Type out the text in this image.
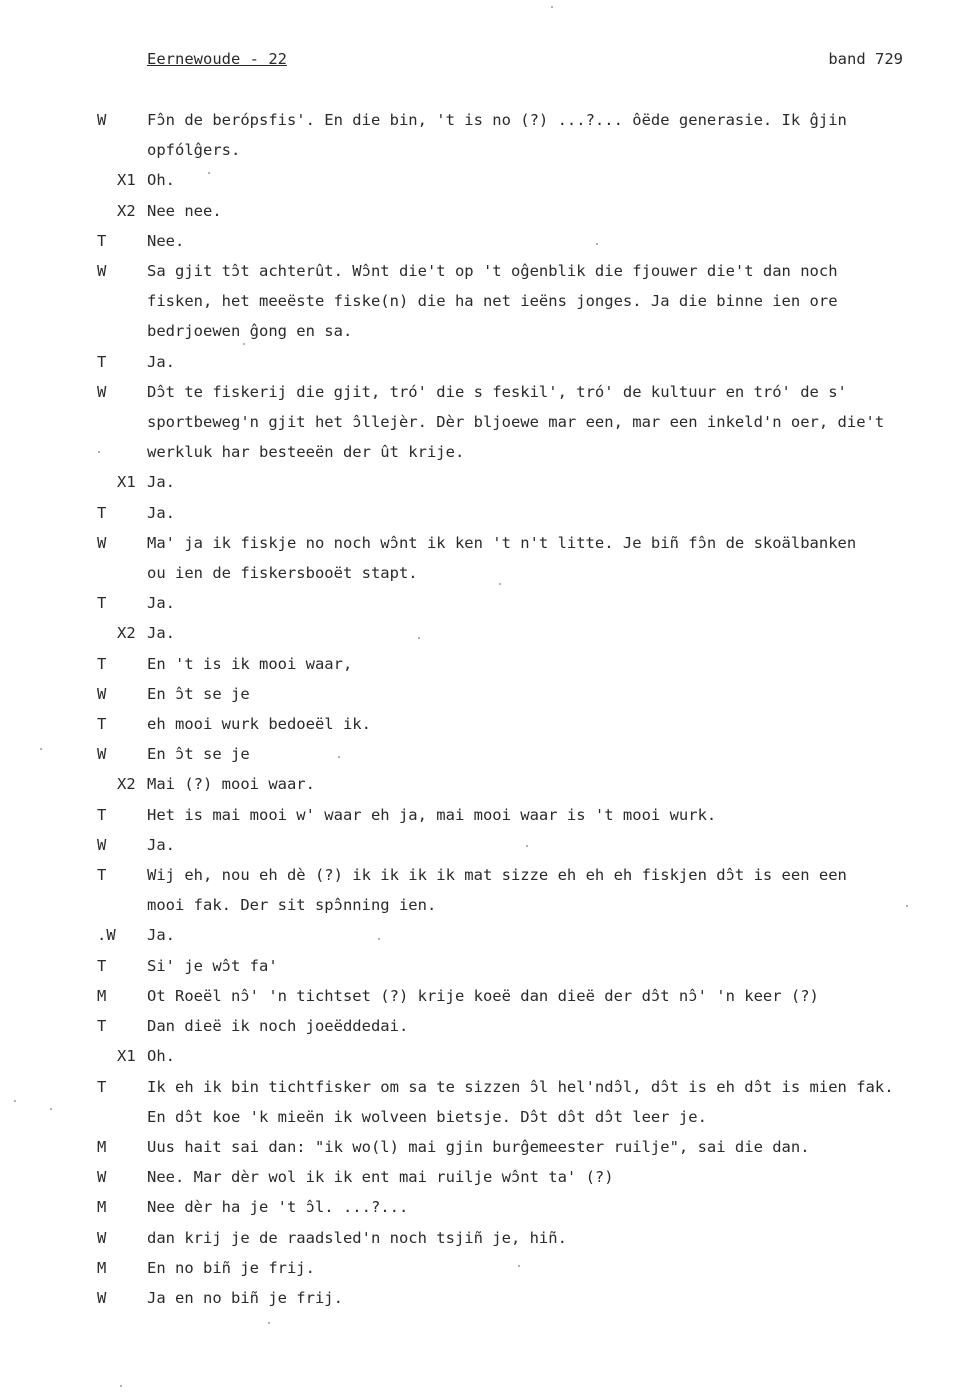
Eernewoude - 22	band 729
W	Fɔ̂n de berópsfis'. En die bin, 't is no (?) ...?... ôëde generasie. Ik ĝjin
opfólĝers.
X1 Oh.
X2 Nee nee.
T	Nee.
W	Sa gjit tɔ̂t achterût. Wɔ̂nt die't op 't oĝenblik die fjouwer die't dan noch
fisken, het meeëste fiske(n) die ha net ieëns jonges. Ja die binne ien ore
bedrjoewen ĝong en sa.
T	Ja.
W	Dɔ̂t te fiskerij die gjit, tró' die s feskil', tró' de kultuur en tró' de s'
sportbeweg'n gjit het ɔ̂llejèr. Dèr bljoewe mar een, mar een inkeld'n oer, die't
werkluk har besteeën der ût krije.
X1 Ja.
T	Ja.
W	Ma' ja ik fiskje no noch wɔ̂nt ik ken 't n't litte. Je biñ fɔ̂n de skoälbanken
ou ien de fiskersbooët stapt.
T	Ja.
X2 Ja.
T	En 't is ik mooi waar,
W	En ɔ̂t se je
T	eh mooi wurk bedoeël ik.
W	En ɔ̂t se je
X2 Mai (?) mooi waar.
T	Het is mai mooi w' waar eh ja, mai mooi waar is 't mooi wurk.
W	Ja.
T	Wij eh, nou eh dè (?) ik ik ik ik mat sizze eh eh eh fiskjen dɔ̂t is een een
mooi fak. Der sit spɔ̂nning ien.
.W Ja.
T	Si' je wɔ̂t fa'
M	Ot Roeël nɔ̂' 'n tichtset (?) krije koeë dan dieë der dɔ̂t nɔ̂' 'n keer (?)
T	Dan dieë ik noch joeëddedai.
X1 Oh.
T	Ik eh ik bin tichtfisker om sa te sizzen ɔ̂l hel'ndɔ̂l, dɔ̂t is eh dɔ̂t is mien fak.
En dɔ̂t koe 'k mieën ik wolveen bietsje. Dɔ̂t dɔ̂t dɔ̂t leer je.
M	Uus hait sai dan: "ik wo(l) mai gjin burĝemeester ruilje", sai die dan.
W	Nee. Mar dèr wol ik ik ent mai ruilje wɔ̂nt ta' (?)
M	Nee dèr ha je 't ɔ̂l. ...?...
W	dan krij je de raadsled'n noch tsjiñ je, hiñ.
M	En no biñ je frij.
W	Ja en no biñ je frij.
